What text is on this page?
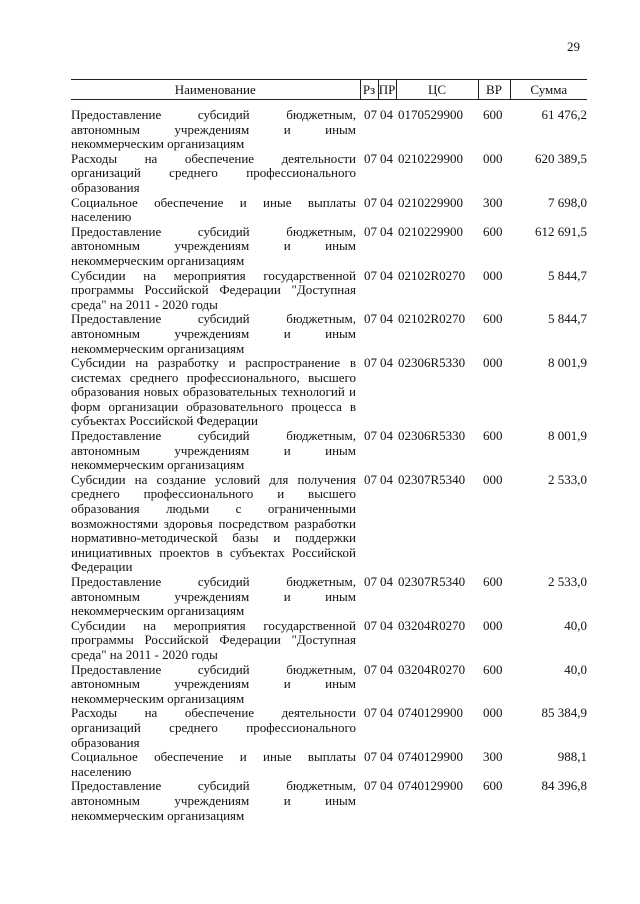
29
Наименование	Рз	ПР	ЦС	ВР	Сумма

Предоставление субсидий бюджетным, автономным учреждениям и иным некоммерческим организациям	07	04	0170529900	600	61 476,2
Расходы на обеспечение деятельности организаций среднего профессионального образования	07	04	0210229900	000	620 389,5
Социальное обеспечение и иные выплаты населению	07	04	0210229900	300	7 698,0
Предоставление субсидий бюджетным, автономным учреждениям и иным некоммерческим организациям	07	04	0210229900	600	612 691,5
Субсидии на мероприятия государственной программы Российской Федерации "Доступная среда" на 2011 - 2020 годы	07	04	02102R0270	000	5 844,7
Предоставление субсидий бюджетным, автономным учреждениям и иным некоммерческим организациям	07	04	02102R0270	600	5 844,7
Субсидии на разработку и распространение в системах среднего профессионального, высшего образования новых образовательных технологий и форм организации образовательного процесса в субъектах Российской Федерации	07	04	02306R5330	000	8 001,9
Предоставление субсидий бюджетным, автономным учреждениям и иным некоммерческим организациям	07	04	02306R5330	600	8 001,9
Субсидии на создание условий для получения среднего профессионального и высшего образования людьми с ограниченными возможностями здоровья посредством разработки нормативно-методической базы и поддержки инициативных проектов в субъектах Российской Федерации	07	04	02307R5340	000	2 533,0
Предоставление субсидий бюджетным, автономным учреждениям и иным некоммерческим организациям	07	04	02307R5340	600	2 533,0
Субсидии на мероприятия государственной программы Российской Федерации "Доступная среда" на 2011 - 2020 годы	07	04	03204R0270	000	40,0
Предоставление субсидий бюджетным, автономным учреждениям и иным некоммерческим организациям	07	04	03204R0270	600	40,0
Расходы на обеспечение деятельности организаций среднего профессионального образования	07	04	0740129900	000	85 384,9
Социальное обеспечение и иные выплаты населению	07	04	0740129900	300	988,1
Предоставление субсидий бюджетным, автономным учреждениям и иным некоммерческим организациям	07	04	0740129900	600	84 396,8
